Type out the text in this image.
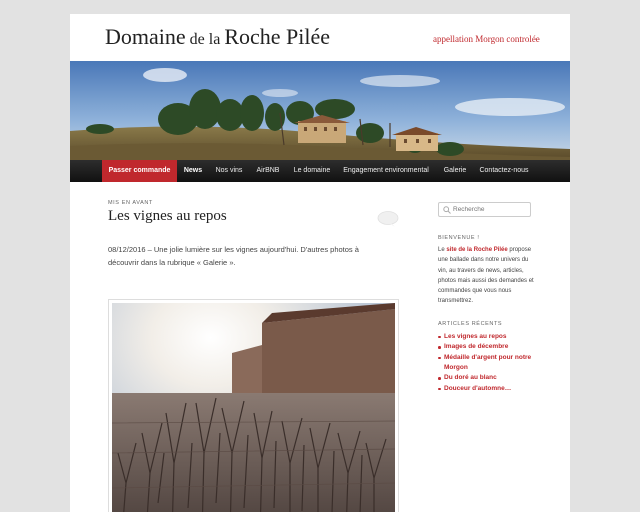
Domaine de la Roche Pilée	appellation Morgon controlée
Passer commande	News	Nos vins	AirBNB	Le domaine	Engagement environmental	Galerie	Contactez-nous
MIS EN AVANT
Les vignes au repos
08/12/2016 – Une jolie lumière sur les vignes aujourd'hui. D'autres photos à découvrir dans la rubrique « Galerie ».
Recherche
BIENVENUE !
Le site de la Roche Pilée propose une ballade dans notre univers du vin, au travers de news, articles, photos mais aussi des demandes et commandes que vous nous transmettrez.
ARTICLES RÉCENTS
Les vignes au repos
Images de décembre
Médaille d'argent pour notre Morgon
Du doré au blanc
Douceur d'automne…
